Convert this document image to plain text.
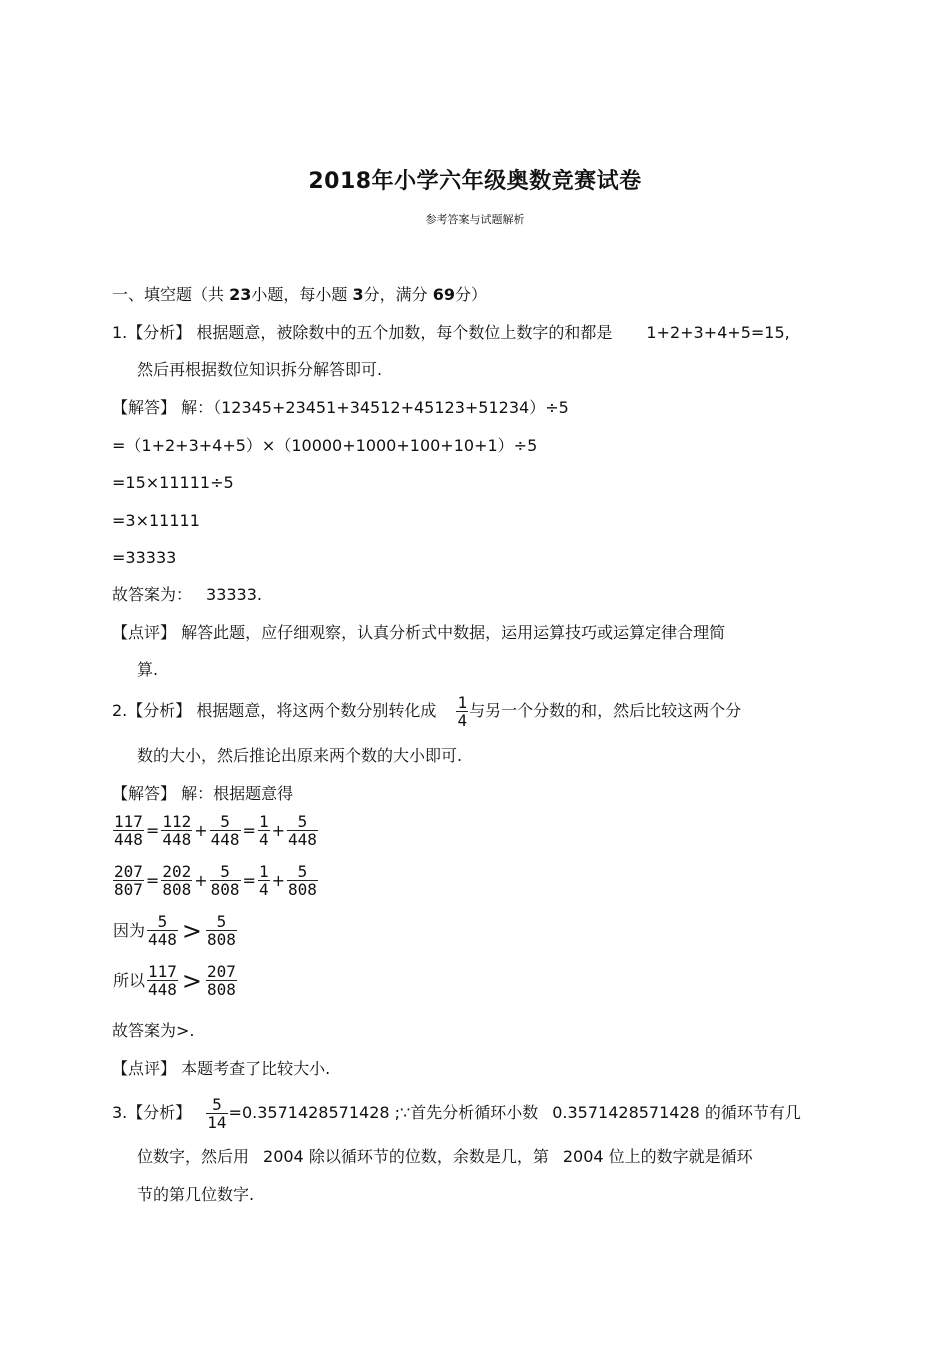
2018年小学六年级奥数竞赛试卷
参考答案与试题解析
一、填空题（共 23小题，每小题 3分，满分 69分）
1.【分析】 根据题意，被除数中的五个加数，每个数位上数字的和都是 1+2+3+4+5=15,
然后再根据数位知识拆分解答即可.
【解答】 解：（12345+23451+34512+45123+51234）÷5
=（1+2+3+4+5）×（10000+1000+100+10+1）÷5
=15×11111÷5
=3×11111
=33333
故答案为： 33333.
【点评】 解答此题，应仔细观察，认真分析式中数据，运用运算技巧或运算定律合理简
算.
2.【分析】 根据题意，将这两个数分别转化成 $\frac{1}{4}$ 与另一个分数的和，然后比较这两个分
数的大小，然后推论出原来两个数的大小即可.
【解答】 解：根据题意得
$\frac{117}{448} = \frac{112}{448} + \frac{5}{448} = \frac{1}{4} + \frac{5}{448}$
$\frac{207}{807} = \frac{202}{808} + \frac{5}{808} = \frac{1}{4} + \frac{5}{808}$
因为 $\frac{5}{448} > \frac{5}{808}$
所以 $\frac{117}{448} > \frac{207}{808}$
故答案为>.
【点评】 本题考查了比较大小.
3.【分析】 $\frac{5}{14} =0.3571428571428$ ;∵首先分析循环小数 0.3571428571428 的循环节有几
位数字，然后用 2004 除以循环节的位数，余数是几，第 2004 位上的数字就是循环
节的第几位数字.
